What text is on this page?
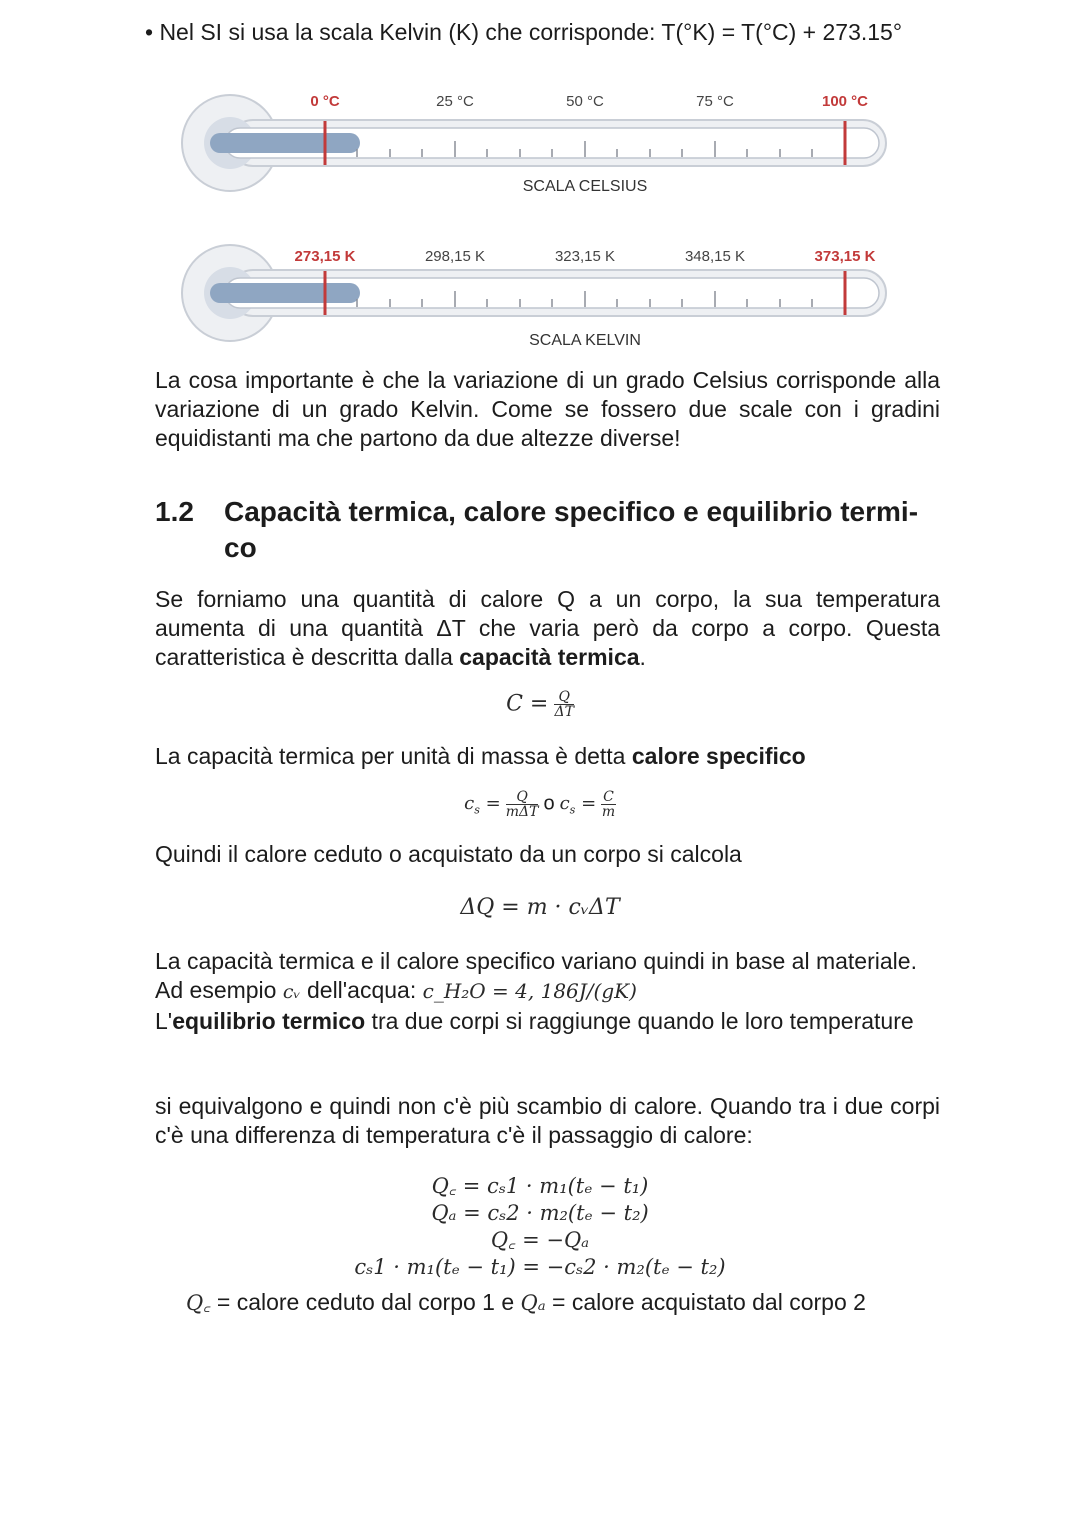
• Nel SI si usa la scala Kelvin (K) che corrisponde: T(°K) = T(°C) + 273.15°
0 °C	25 °C	50 °C	75 °C	100 °C
SCALA CELSIUS
273,15 K	298,15 K	323,15 K	348,15 K	373,15 K
SCALA KELVIN
La cosa importante è che la variazione di un grado Celsius corrisponde alla variazione di un grado Kelvin. Come se fossero due scale con i gradini equidistanti ma che partono da due altezze diverse!
1.2 Capacità termica, calore specifico e equilibrio termi-
co
Se forniamo una quantità di calore Q a un corpo, la sua temperatura aumenta di una quantità ΔT che varia però da corpo a corpo. Questa caratteristica è descritta dalla capacità termica.
$C = \frac{Q}{\Delta T}$
La capacità termica per unità di massa è detta calore specifico
$c_s = \frac{Q}{\text{mΔT}}$ o $c_s = \frac{C}{m}$
Quindi il calore ceduto o acquistato da un corpo si calcola
ΔQ = m · cᵥΔT
La capacità termica e il calore specifico variano quindi in base al materiale.
Ad esempio cᵥ dell'acqua: c_H₂O = 4, 186J/(gK)
L'equilibrio termico tra due corpi si raggiunge quando le loro temperature
si equivalgono e quindi non c'è più scambio di calore. Quando tra i due corpi c'è una differenza di temperatura c'è il passaggio di calore:
Q꜀ = cₛ1 · m₁(tₑ − t₁)
Qₐ = cₛ2 · m₂(tₑ − t₂)
Q꜀ = −Qₐ
cₛ1 · m₁(tₑ − t₁) = −cₛ2 · m₂(tₑ − t₂)
Q꜀ = calore ceduto dal corpo 1 e Qₐ = calore acquistato dal corpo 2
